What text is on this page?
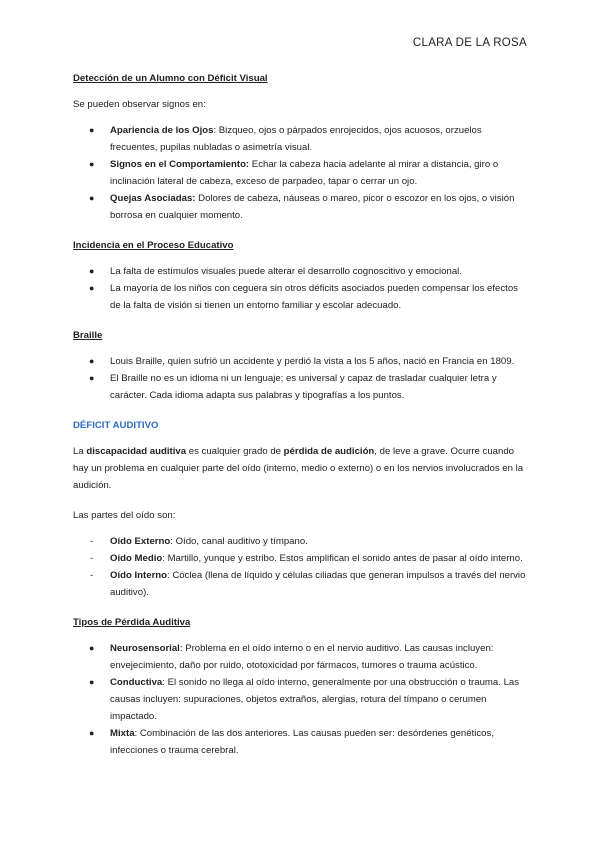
CLARA DE LA ROSA

Detección de un Alumno con Déficit Visual

Se pueden observar signos en:

● Apariencia de los Ojos: Bizqueo, ojos o párpados enrojecidos, ojos acuosos, orzuelos frecuentes, pupilas nubladas o asimetría visual.
● Signos en el Comportamiento: Echar la cabeza hacia adelante al mirar a distancia, giro o inclinación lateral de cabeza, exceso de parpadeo, tapar o cerrar un ojo.
● Quejas Asociadas: Dolores de cabeza, náuseas o mareo, picor o escozor en los ojos, o visión borrosa en cualquier momento.

Incidencia en el Proceso Educativo

● La falta de estímulos visuales puede alterar el desarrollo cognoscitivo y emocional.
● La mayoría de los niños con ceguera sin otros déficits asociados pueden compensar los efectos de la falta de visión si tienen un entorno familiar y escolar adecuado.

Braille

● Louis Braille, quien sufrió un accidente y perdió la vista a los 5 años, nació en Francia en 1809.
● El Braille no es un idioma ni un lenguaje; es universal y capaz de trasladar cualquier letra y carácter. Cada idioma adapta sus palabras y tipografías a los puntos.

DÉFICIT AUDITIVO

La discapacidad auditiva es cualquier grado de pérdida de audición, de leve a grave. Ocurre cuando hay un problema en cualquier parte del oído (interno, medio o externo) o en los nervios involucrados en la audición.

Las partes del oído son:

- Oído Externo: Oído, canal auditivo y tímpano.
- Oído Medio: Martillo, yunque y estribo. Estos amplifican el sonido antes de pasar al oído interno.
- Oído Interno: Cóclea (llena de líquido y células ciliadas que generan impulsos a través del nervio auditivo).

Tipos de Pérdida Auditiva

● Neurosensorial: Problema en el oído interno o en el nervio auditivo. Las causas incluyen: envejecimiento, daño por ruido, ototoxicidad por fármacos, tumores o trauma acústico.
● Conductiva: El sonido no llega al oído interno, generalmente por una obstrucción o trauma. Las causas incluyen: supuraciones, objetos extraños, alergias, rotura del tímpano o cerumen impactado.
● Mixta: Combinación de las dos anteriores. Las causas pueden ser: desórdenes genéticos, infecciones o trauma cerebral.
